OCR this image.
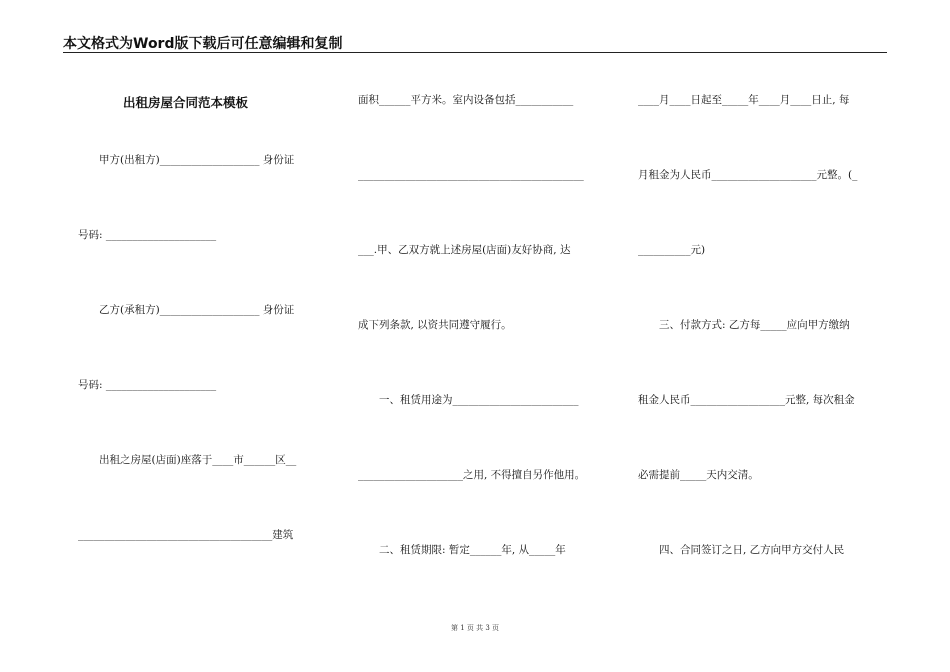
本文格式为Word版下载后可任意编辑和复制
出租房屋合同范本模板
　　甲方(出租方)___________________ 身份证
号码: _____________________
　　乙方(承租方)___________________ 身份证
号码: _____________________
　　出租之房屋(店面)座落于____市______区__
_____________________________________建筑
面积______平方米。室内设备包括___________
___________________________________________
___.甲、乙双方就上述房屋(店面)友好协商, 达
成下列条款, 以资共同遵守履行。
　　一、租赁用途为________________________
____________________之用, 不得擅自另作他用。
　　二、租赁期限: 暂定______年, 从_____年
____月____日起至_____年____月____日止, 每
月租金为人民币____________________元整。(_
__________元)
　　三、付款方式: 乙方每_____应向甲方缴纳
租金人民币__________________元整, 每次租金
必需提前_____天内交清。
　　四、合同签订之日, 乙方向甲方交付人民
第 1 页 共 3 页
